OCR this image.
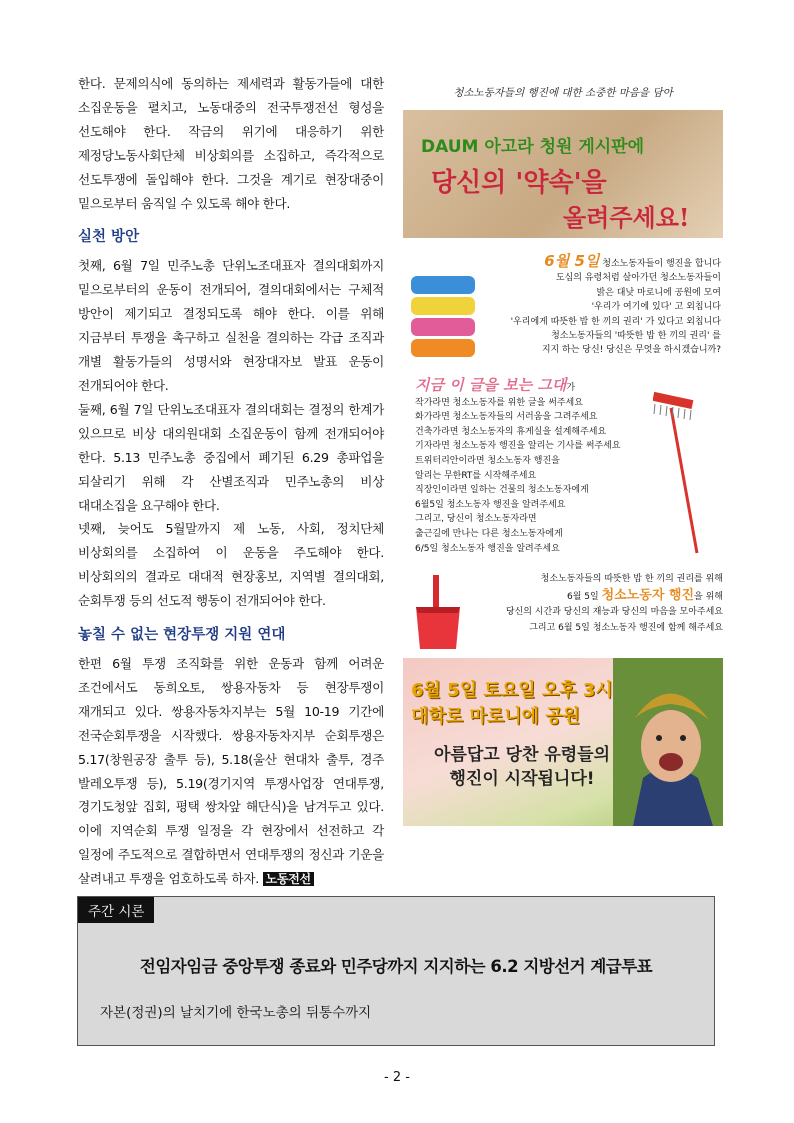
한다. 문제의식에 동의하는 제세력과 활동가들에 대한 소집운동을 펼치고, 노동대중의 전국투쟁전선 형성을 선도해야 한다. 작금의 위기에 대응하기 위한 제정당노동사회단체 비상회의를 소집하고, 즉각적으로 선도투쟁에 돌입해야 한다. 그것을 계기로 현장대중이 밑으로부터 움직일 수 있도록 해야 한다.

실천 방안

첫째, 6월 7일 민주노총 단위노조대표자 결의대회까지 밑으로부터의 운동이 전개되어, 결의대회에서는 구체적 방안이 제기되고 결정되도록 해야 한다. 이를 위해 지금부터 투쟁을 촉구하고 실천을 결의하는 각급 조직과 개별 활동가들의 성명서와 현장대자보 발표 운동이 전개되어야 한다.

둘째, 6월 7일 단위노조대표자 결의대회는 결정의 한계가 있으므로 비상 대의원대회 소집운동이 함께 전개되어야 한다. 5.13 민주노총 중집에서 폐기된 6.29 총파업을 되살리기 위해 각 산별조직과 민주노총의 비상 대대소집을 요구해야 한다.

넷째, 늦어도 5월말까지 제 노동, 사회, 정치단체 비상회의를 소집하여 이 운동을 주도해야 한다. 비상회의의 결과로 대대적 현장홍보, 지역별 결의대회, 순회투쟁 등의 선도적 행동이 전개되어야 한다.

놓칠 수 없는 현장투쟁 지원 연대

한편 6월 투쟁 조직화를 위한 운동과 함께 어려운 조건에서도 동희오토, 쌍용자동차 등 현장투쟁이 재개되고 있다. 쌍용자동차지부는 5월 10-19 기간에 전국순회투쟁을 시작했다. 쌍용자동차지부 순회투쟁은 5.17(창원공장 출투 등), 5.18(울산 현대차 출투, 경주 발레오투쟁 등), 5.19(경기지역 투쟁사업장 연대투쟁, 경기도청앞 집회, 평택 쌍차앞 해단식)을 남겨두고 있다. 이에 지역순회 투쟁 일정을 각 현장에서 선전하고 각 일정에 주도적으로 결합하면서 연대투쟁의 정신과 기운을 살려내고 투쟁을 엄호하도록 하자. 노동전선

청소노동자들의 행진에 대한 소중한 마음을 담아
DAUM 아고라 청원 게시판에
당신의 '약속'을
올려주세요!
6월 5일 청소노동자들이 행진을 합니다
도심의 유령처럼 살아가던 청소노동자들이
밝은 대낮 마로니에 공원에 모여
'우리가 여기에 있다' 고 외칩니다
'우리에게 따뜻한 밥 한 끼의 권리' 가 있다고 외칩니다
청소노동자들의 '따뜻한 밥 한 끼의 권리' 를
지지 하는 당신! 당신은 무엇을 하시겠습니까?
지금 이 글을 보는 그대가
작가라면 청소노동자를 위한 글을 써주세요
화가라면 청소노동자들의 서러움을 그려주세요
건축가라면 청소노동자의 휴게실을 설계해주세요
기자라면 청소노동자 행진을 알리는 기사를 써주세요
트위터리안이라면 청소노동자 행진을
알리는 무한RT를 시작해주세요
직장인이라면 일하는 건물의 청소노동자에게
6월5일 청소노동자 행진을 알려주세요
그리고, 당신이 청소노동자라면
출근길에 만나는 다른 청소노동자에게
6/5일 청소노동자 행진을 알려주세요
청소노동자들의 따뜻한 밥 한 끼의 권리를 위해
6월 5일 청소노동자 행진을 위해
당신의 시간과 당신의 재능과 당신의 마음을 모아주세요
그리고 6월 5일 청소노동자 행진에 함께 해주세요
6월 5일 토요일 오후 3시
대학로 마로니에 공원
아름답고 당찬 유령들의
행진이 시작됩니다!
주간 시론
전임자임금 중앙투쟁 종료와 민주당까지 지지하는 6.2 지방선거 계급투표
자본(정권)의 날치기에 한국노총의 뒤통수까지
- 2 -
